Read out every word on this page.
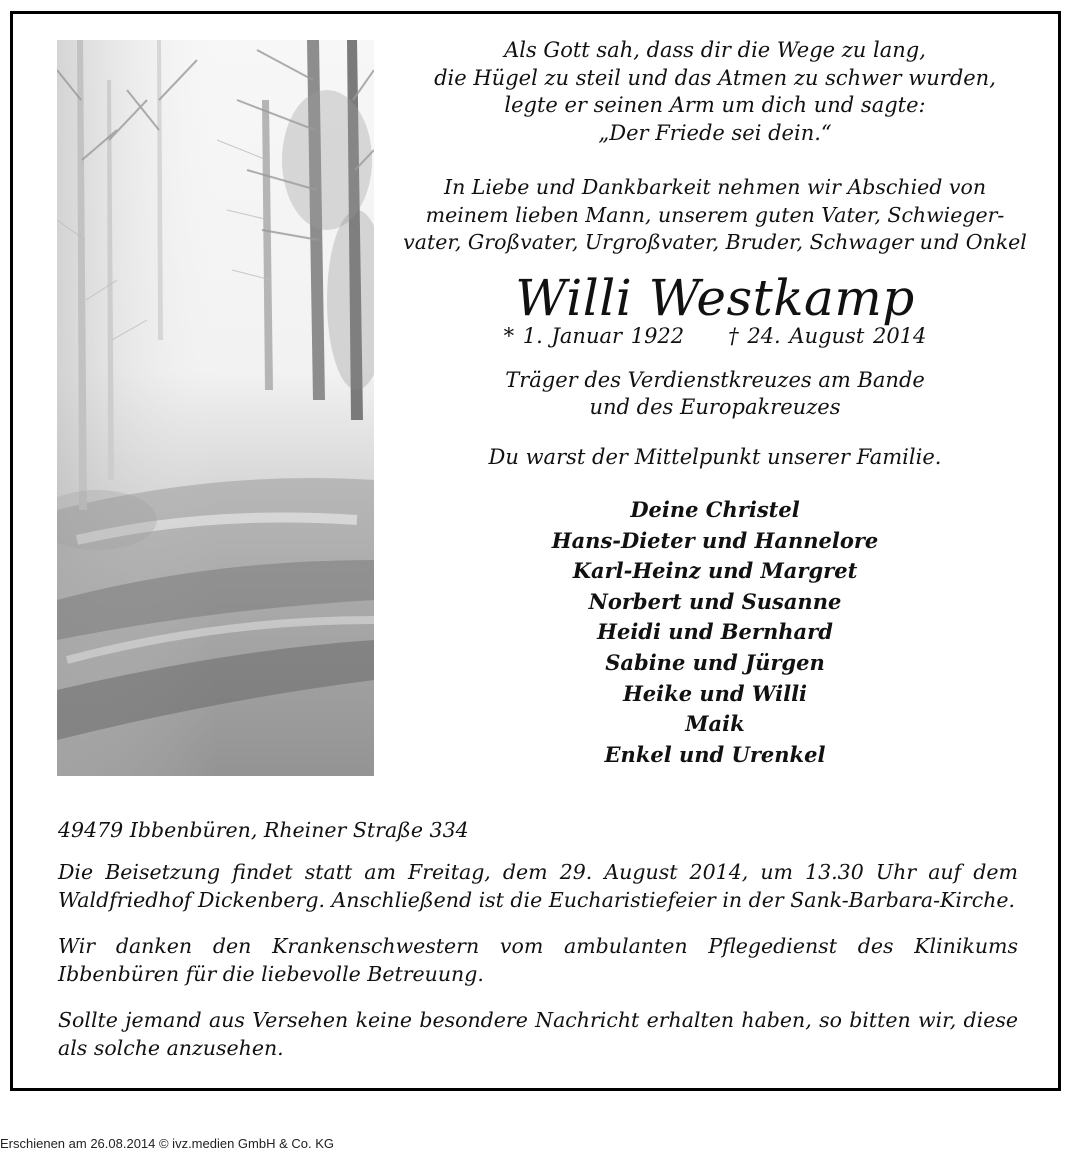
Als Gott sah, dass dir die Wege zu lang,
die Hügel zu steil und das Atmen zu schwer wurden,
legte er seinen Arm um dich und sagte:
„Der Friede sei dein.“
In Liebe und Dankbarkeit nehmen wir Abschied von
meinem lieben Mann, unserem guten Vater, Schwieger-
vater, Großvater, Urgroßvater, Bruder, Schwager und Onkel
Willi Westkamp
* 1. Januar 1922 † 24. August 2014
Träger des Verdienstkreuzes am Bande
und des Europakreuzes

Du warst der Mittelpunkt unserer Familie.

Deine Christel
Hans-Dieter und Hannelore
Karl-Heinz und Margret
Norbert und Susanne
Heidi und Bernhard
Sabine und Jürgen
Heike und Willi
Maik
Enkel und Urenkel

49479 Ibbenbüren, Rheiner Straße 334

Die Beisetzung findet statt am Freitag, dem 29. August 2014, um 13.30 Uhr auf dem Waldfriedhof Dickenberg. Anschließend ist die Eucharistiefeier in der Sank-Barbara-Kirche.

Wir danken den Krankenschwestern vom ambulanten Pflegedienst des Klinikums Ibbenbüren für die liebevolle Betreuung.

Sollte jemand aus Versehen keine besondere Nachricht erhalten haben, so bitten wir, diese als solche anzusehen.

Erschienen am 26.08.2014 © ivz.medien GmbH & Co. KG
